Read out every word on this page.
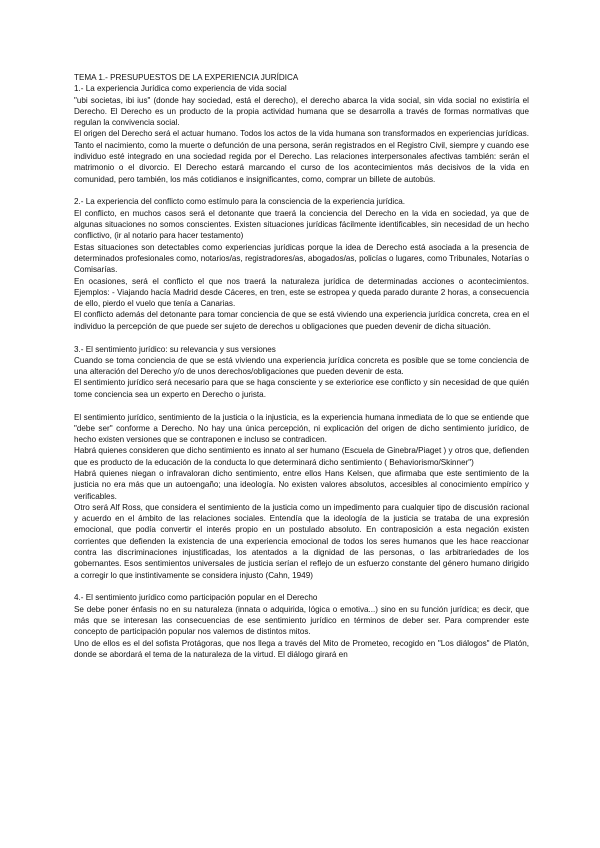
TEMA 1.- PRESUPUESTOS DE LA EXPERIENCIA JURÍDICA

1.- La experiencia Jurídica como experiencia de vida social

"ubi societas, ibi ius" (donde hay sociedad, está el derecho), el derecho abarca la vida social, sin vida social no existiría el Derecho. El Derecho es un producto de la propia actividad humana que se desarrolla a través de formas normativas que regulan la convivencia social.

El origen del Derecho será el actuar humano. Todos los actos de la vida humana son transformados en experiencias jurídicas. Tanto el nacimiento, como la muerte o defunción de una persona, serán registrados en el Registro Civil, siempre y cuando ese individuo esté integrado en una sociedad regida por el Derecho. Las relaciones interpersonales afectivas también: serán el matrimonio o el divorcio. El Derecho estará marcando el curso de los acontecimientos más decisivos de la vida en comunidad, pero también, los más cotidianos e insignificantes, como, comprar un billete de autobús.

2.- La experiencia del conflicto como estímulo para la consciencia de la experiencia jurídica.

El conflicto, en muchos casos será el detonante que traerá la conciencia del Derecho en la vida en sociedad, ya que de algunas situaciones no somos conscientes. Existen situaciones jurídicas fácilmente identificables, sin necesidad de un hecho conflictivo, (ir al notario para hacer testamento)

Estas situaciones son detectables como experiencias jurídicas porque la idea de Derecho está asociada a la presencia de determinados profesionales como, notarios/as, registradores/as, abogados/as, policías o lugares, como Tribunales, Notarías o Comisarías.

En ocasiones, será el conflicto el que nos traerá la naturaleza jurídica de determinadas acciones o acontecimientos. Ejemplos: - Viajando hacía Madrid desde Cáceres, en tren, este se estropea y queda parado durante 2 horas, a consecuencia de ello, pierdo el vuelo que tenía a Canarias.

El conflicto además del detonante para tomar conciencia de que se está viviendo una experiencia jurídica concreta, crea en el individuo la percepción de que puede ser sujeto de derechos u obligaciones que pueden devenir de dicha situación.

3.- El sentimiento jurídico: su relevancia y sus versiones

Cuando se toma conciencia de que se está viviendo una experiencia jurídica concreta es posible que se tome conciencia de una alteración del Derecho y/o de unos derechos/obligaciones que pueden devenir de esta.

El sentimiento jurídico será necesario para que se haga consciente y se exteriorice ese conflicto y sin necesidad de que quién tome conciencia sea un experto en Derecho o jurista.

El sentimiento jurídico, sentimiento de la justicia o la injusticia, es la experiencia humana inmediata de lo que se entiende que "debe ser" conforme a Derecho. No hay una única percepción, ni explicación del origen de dicho sentimiento jurídico, de hecho existen versiones que se contraponen e incluso se contradicen.

Habrá quienes consideren que dicho sentimiento es innato al ser humano (Escuela de Ginebra/Piaget ) y otros que, defienden que es producto de la educación de la conducta lo que determinará dicho sentimiento ( Behaviorismo/Skinner")

Habrá quienes niegan o infravaloran dicho sentimiento, entre ellos Hans Kelsen, que afirmaba que este sentimiento de la justicia no era más que un autoengaño; una ideología. No existen valores absolutos, accesibles al conocimiento empírico y verificables.

Otro será Alf Ross, que considera el sentimiento de la justicia como un impedimento para cualquier tipo de discusión racional y acuerdo en el ámbito de las relaciones sociales. Entendía que la ideología de la justicia se trataba de una expresión emocional, que podía convertir el interés propio en un postulado absoluto. En contraposición a esta negación existen corrientes que defienden la existencia de una experiencia emocional de todos los seres humanos que les hace reaccionar contra las discriminaciones injustificadas, los atentados a la dignidad de las personas, o las arbitrariedades de los gobernantes. Esos sentimientos universales de justicia serían el reflejo de un esfuerzo constante del género humano dirigido a corregir lo que instintivamente se considera injusto (Cahn, 1949)

4.- El sentimiento jurídico como participación popular en el Derecho

Se debe poner énfasis no en su naturaleza (innata o adquirida, lógica o emotiva...) sino en su función jurídica; es decir, que más que se interesan las consecuencias de ese sentimiento jurídico en términos de deber ser. Para comprender este concepto de participación popular nos valemos de distintos mitos.

Uno de ellos es el del sofista Protágoras, que nos llega a través del Mito de Prometeo, recogido en "Los diálogos" de Platón, donde se abordará el tema de la naturaleza de la virtud. El diálogo girará en
